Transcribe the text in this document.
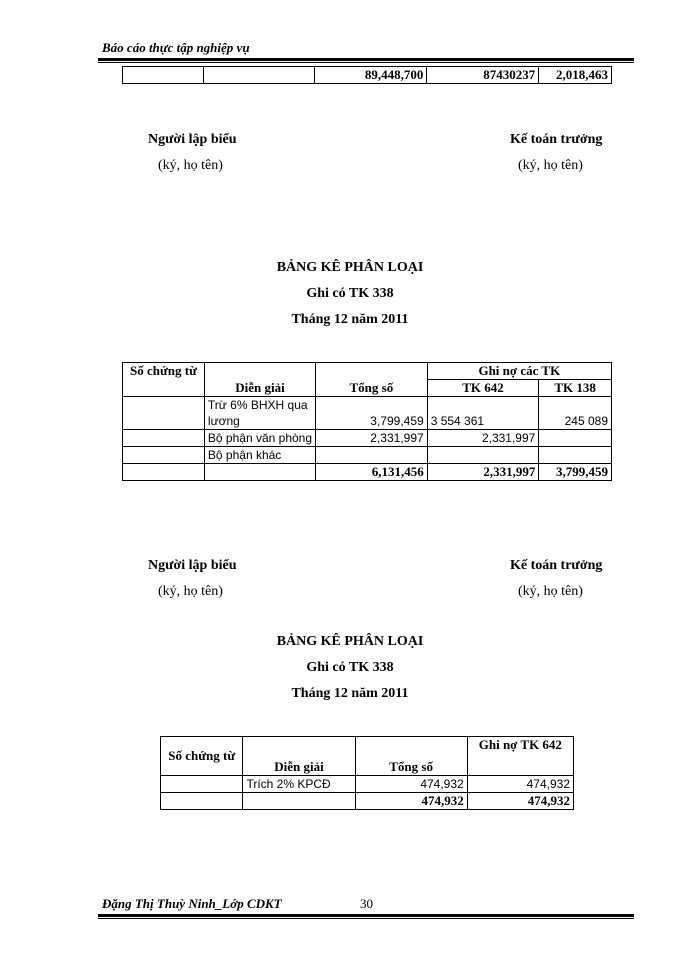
Báo cáo thực tập nghiệp vụ
		89,448,700	87430237	2,018,463
Người lập biểu
(ký, họ tên)
Kế toán trưởng
(ký, họ tên)
BẢNG KÊ PHÂN LOẠI
Ghi có TK 338
Tháng 12 năm 2011
Số chứng từ	Diễn giải	Tổng số	Ghi nợ các TK	
			TK 642	TK 138
	Trừ 6% BHXH qua lương	3,799,459	3 554 361	245 089
	Bộ phận văn phòng	2,331,997	2,331,997	
	Bộ phận khác			
		6,131,456	2,331,997	3,799,459
Người lập biểu
(ký, họ tên)
Kế toán trưởng
(ký, họ tên)
BẢNG KÊ PHÂN LOẠI
Ghi có TK 338
Tháng 12 năm 2011
Số chứng từ	Diễn giải	Tổng số	Ghi nợ TK 642
	Trích 2% KPCĐ	474,932	474,932
		474,932	474,932
Đặng Thị Thuỳ Ninh_Lớp CDKT	30
